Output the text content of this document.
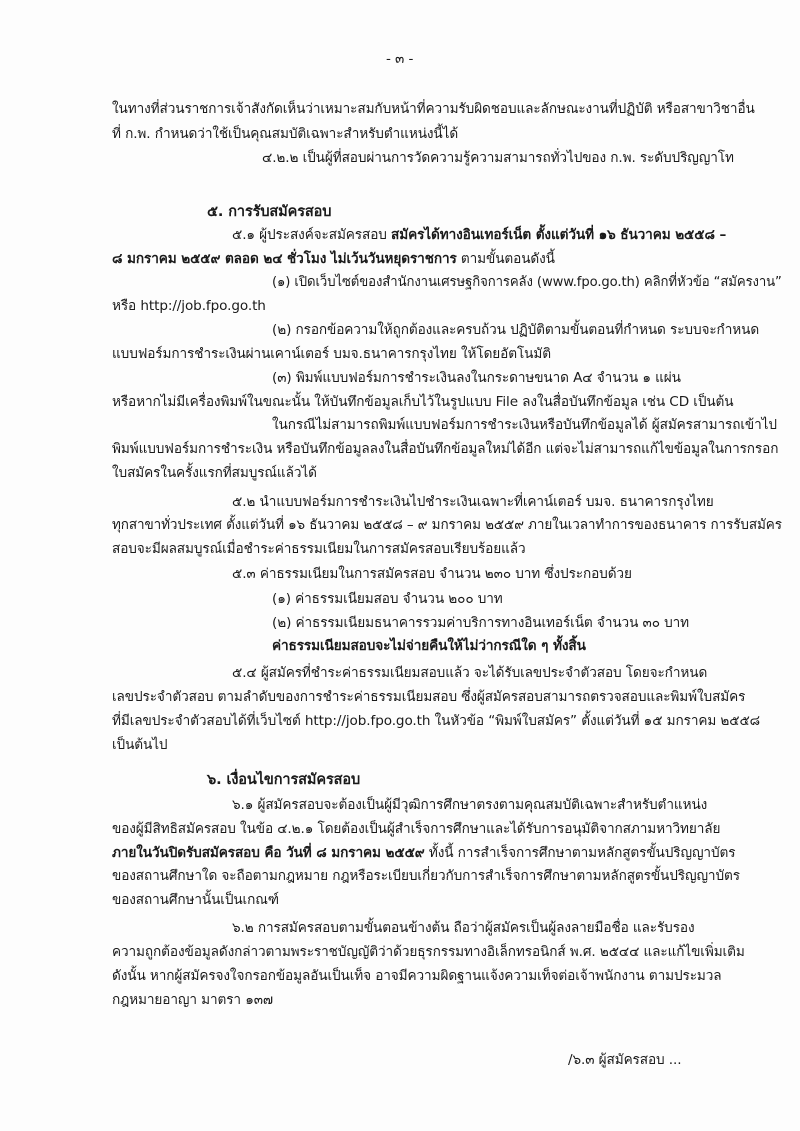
- ๓ -
ในทางที่ส่วนราชการเจ้าสังกัดเห็นว่าเหมาะสมกับหน้าที่ความรับผิดชอบและลักษณะงานที่ปฏิบัติ หรือสาขาวิชาอื่น
ที่ ก.พ. กำหนดว่าใช้เป็นคุณสมบัติเฉพาะสำหรับตำแหน่งนี้ได้
๔.๒.๒ เป็นผู้ที่สอบผ่านการวัดความรู้ความสามารถทั่วไปของ ก.พ. ระดับปริญญาโท
๕. การรับสมัครสอบ
๕.๑ ผู้ประสงค์จะสมัครสอบ สมัครได้ทางอินเทอร์เน็ต ตั้งแต่วันที่ ๑๖ ธันวาคม ๒๕๕๘ –
๘ มกราคม ๒๕๕๙ ตลอด ๒๔ ชั่วโมง ไม่เว้นวันหยุดราชการ ตามขั้นตอนดังนี้
(๑) เปิดเว็บไซต์ของสำนักงานเศรษฐกิจการคลัง (www.fpo.go.th) คลิกที่หัวข้อ “สมัครงาน”
หรือ http://job.fpo.go.th
(๒) กรอกข้อความให้ถูกต้องและครบถ้วน ปฏิบัติตามขั้นตอนที่กำหนด ระบบจะกำหนด
แบบฟอร์มการชำระเงินผ่านเคาน์เตอร์ บมจ.ธนาคารกรุงไทย ให้โดยอัตโนมัติ
(๓) พิมพ์แบบฟอร์มการชำระเงินลงในกระดาษขนาด A๔ จำนวน ๑ แผ่น
หรือหากไม่มีเครื่องพิมพ์ในขณะนั้น ให้บันทึกข้อมูลเก็บไว้ในรูปแบบ File ลงในสื่อบันทึกข้อมูล เช่น CD เป็นต้น
ในกรณีไม่สามารถพิมพ์แบบฟอร์มการชำระเงินหรือบันทึกข้อมูลได้ ผู้สมัครสามารถเข้าไป
พิมพ์แบบฟอร์มการชำระเงิน หรือบันทึกข้อมูลลงในสื่อบันทึกข้อมูลใหม่ได้อีก แต่จะไม่สามารถแก้ไขข้อมูลในการกรอก
ใบสมัครในครั้งแรกที่สมบูรณ์แล้วได้
๕.๒ นำแบบฟอร์มการชำระเงินไปชำระเงินเฉพาะที่เคาน์เตอร์ บมจ. ธนาคารกรุงไทย
ทุกสาขาทั่วประเทศ ตั้งแต่วันที่ ๑๖ ธันวาคม ๒๕๕๘ – ๙ มกราคม ๒๕๕๙ ภายในเวลาทำการของธนาคาร การรับสมัคร
สอบจะมีผลสมบูรณ์เมื่อชำระค่าธรรมเนียมในการสมัครสอบเรียบร้อยแล้ว
๕.๓ ค่าธรรมเนียมในการสมัครสอบ จำนวน ๒๓๐ บาท ซึ่งประกอบด้วย
(๑) ค่าธรรมเนียมสอบ จำนวน ๒๐๐ บาท
(๒) ค่าธรรมเนียมธนาคารรวมค่าบริการทางอินเทอร์เน็ต จำนวน ๓๐ บาท
ค่าธรรมเนียมสอบจะไม่จ่ายคืนให้ไม่ว่ากรณีใด ๆ ทั้งสิ้น
๕.๔ ผู้สมัครที่ชำระค่าธรรมเนียมสอบแล้ว จะได้รับเลขประจำตัวสอบ โดยจะกำหนด
เลขประจำตัวสอบ ตามลำดับของการชำระค่าธรรมเนียมสอบ ซึ่งผู้สมัครสอบสามารถตรวจสอบและพิมพ์ใบสมัคร
ที่มีเลขประจำตัวสอบได้ที่เว็บไซต์ http://job.fpo.go.th ในหัวข้อ “พิมพ์ใบสมัคร” ตั้งแต่วันที่ ๑๕ มกราคม ๒๕๕๘
เป็นต้นไป
๖. เงื่อนไขการสมัครสอบ
๖.๑ ผู้สมัครสอบจะต้องเป็นผู้มีวุฒิการศึกษาตรงตามคุณสมบัติเฉพาะสำหรับตำแหน่ง
ของผู้มีสิทธิสมัครสอบ ในข้อ ๔.๒.๑ โดยต้องเป็นผู้สำเร็จการศึกษาและได้รับการอนุมัติจากสภามหาวิทยาลัย
ภายในวันปิดรับสมัครสอบ คือ วันที่ ๘ มกราคม ๒๕๕๙ ทั้งนี้ การสำเร็จการศึกษาตามหลักสูตรขั้นปริญญาบัตร
ของสถานศึกษาใด จะถือตามกฎหมาย กฎหรือระเบียบเกี่ยวกับการสำเร็จการศึกษาตามหลักสูตรขั้นปริญญาบัตร
ของสถานศึกษานั้นเป็นเกณฑ์
๖.๒ การสมัครสอบตามขั้นตอนข้างต้น ถือว่าผู้สมัครเป็นผู้ลงลายมือชื่อ และรับรอง
ความถูกต้องข้อมูลดังกล่าวตามพระราชบัญญัติว่าด้วยธุรกรรมทางอิเล็กทรอนิกส์ พ.ศ. ๒๕๔๔ และแก้ไขเพิ่มเติม
ดังนั้น หากผู้สมัครจงใจกรอกข้อมูลอันเป็นเท็จ อาจมีความผิดฐานแจ้งความเท็จต่อเจ้าพนักงาน ตามประมวล
กฎหมายอาญา มาตรา ๑๓๗
/๖.๓ ผู้สมัครสอบ ...
